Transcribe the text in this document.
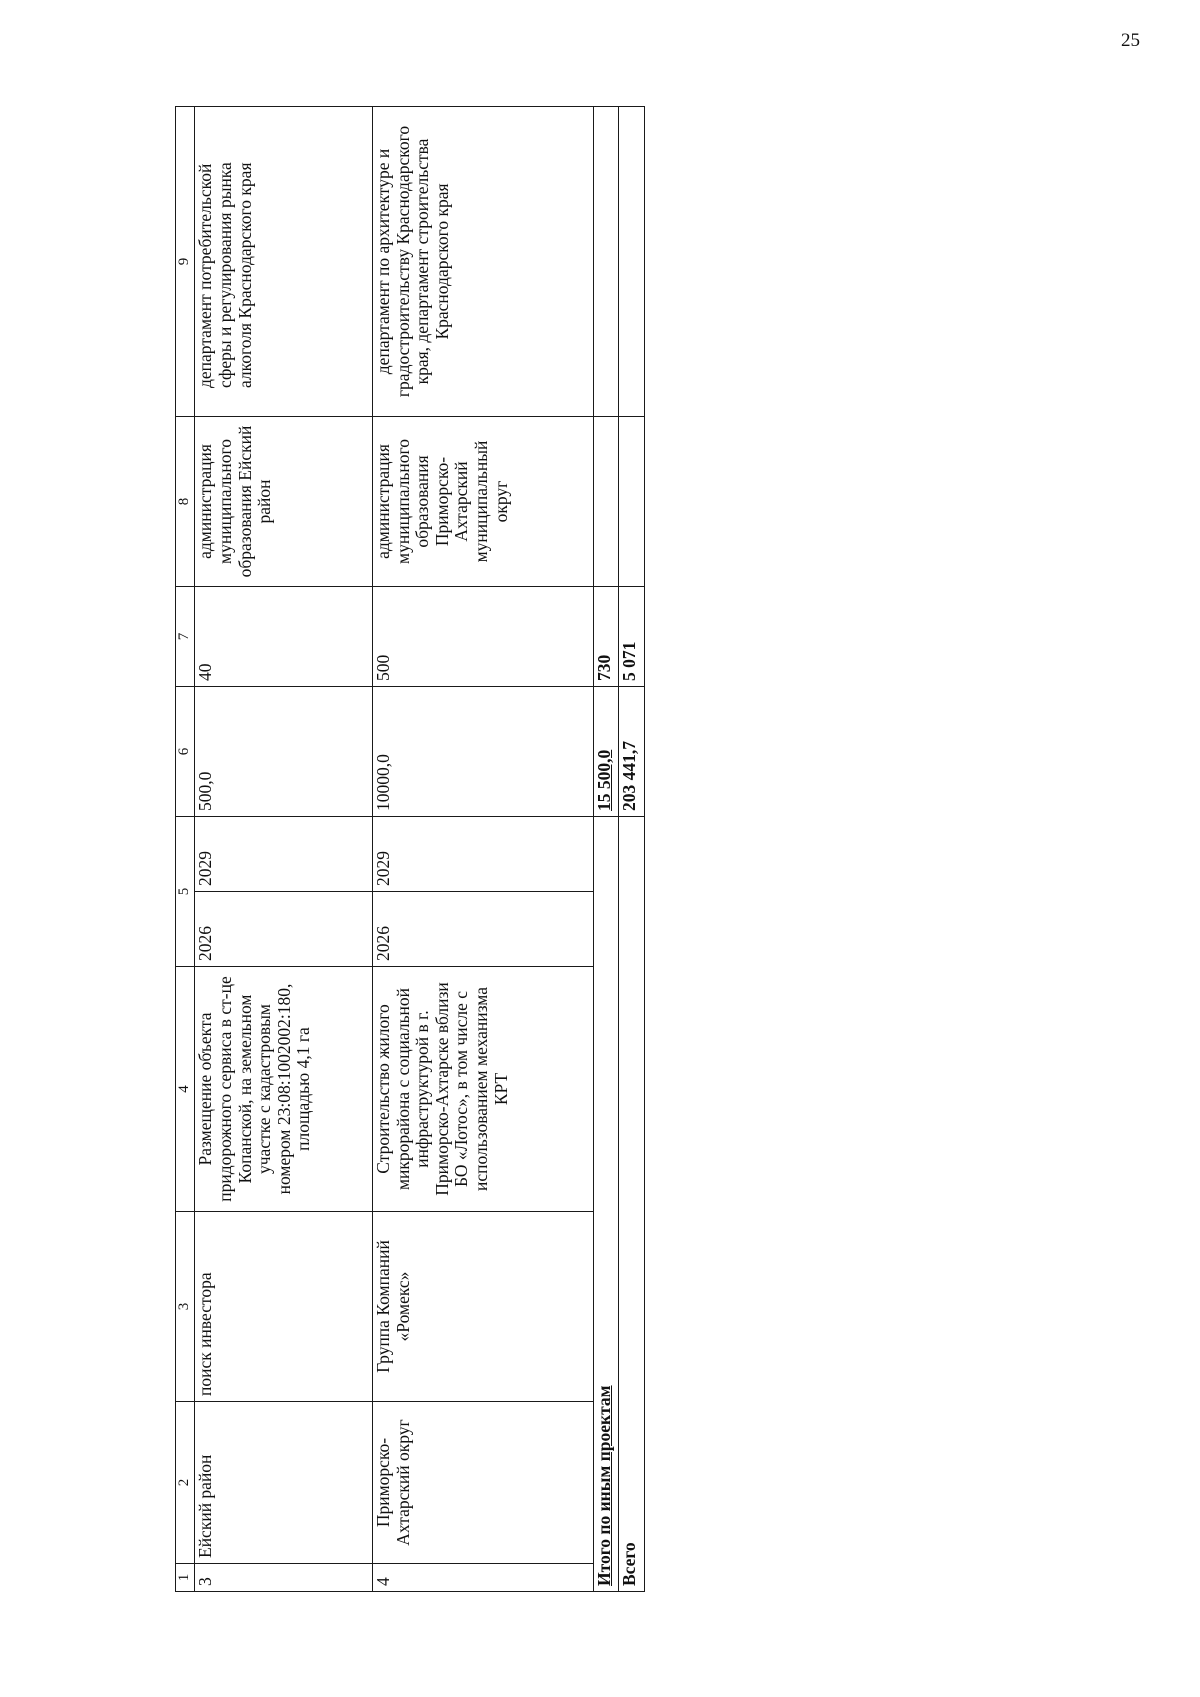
25
1	2	3	4	5		6	7	8	9
3	Ейский район	поиск инвестора	Размещение объекта придорожного сервиса в ст-це Копанской, на земельном участке с кадастровым номером 23:08:1002002:180, площадью 4,1 га	2026	2029	500,0	40	администрация муниципального образования Ейский район	департамент потребительской сферы и регулирования рынка алкоголя Краснодарского края
4	Приморско-Ахтарский округ	Группа Компаний «Ромекс»	Строительство жилого микрорайона с социальной инфраструктурой в г. Приморско-Ахтарске вблизи БО «Лотос», в том числе с использованием механизма КРТ	2026	2029	10000,0	500	администрация муниципального образования Приморско-Ахтарский муниципальный округ	департамент по архитектуре и градостроительству Краснодарского края, департамент строительства Краснодарского края
Итого по иным проектам						15 500,0	730		
Всего						203 441,7	5 071		
